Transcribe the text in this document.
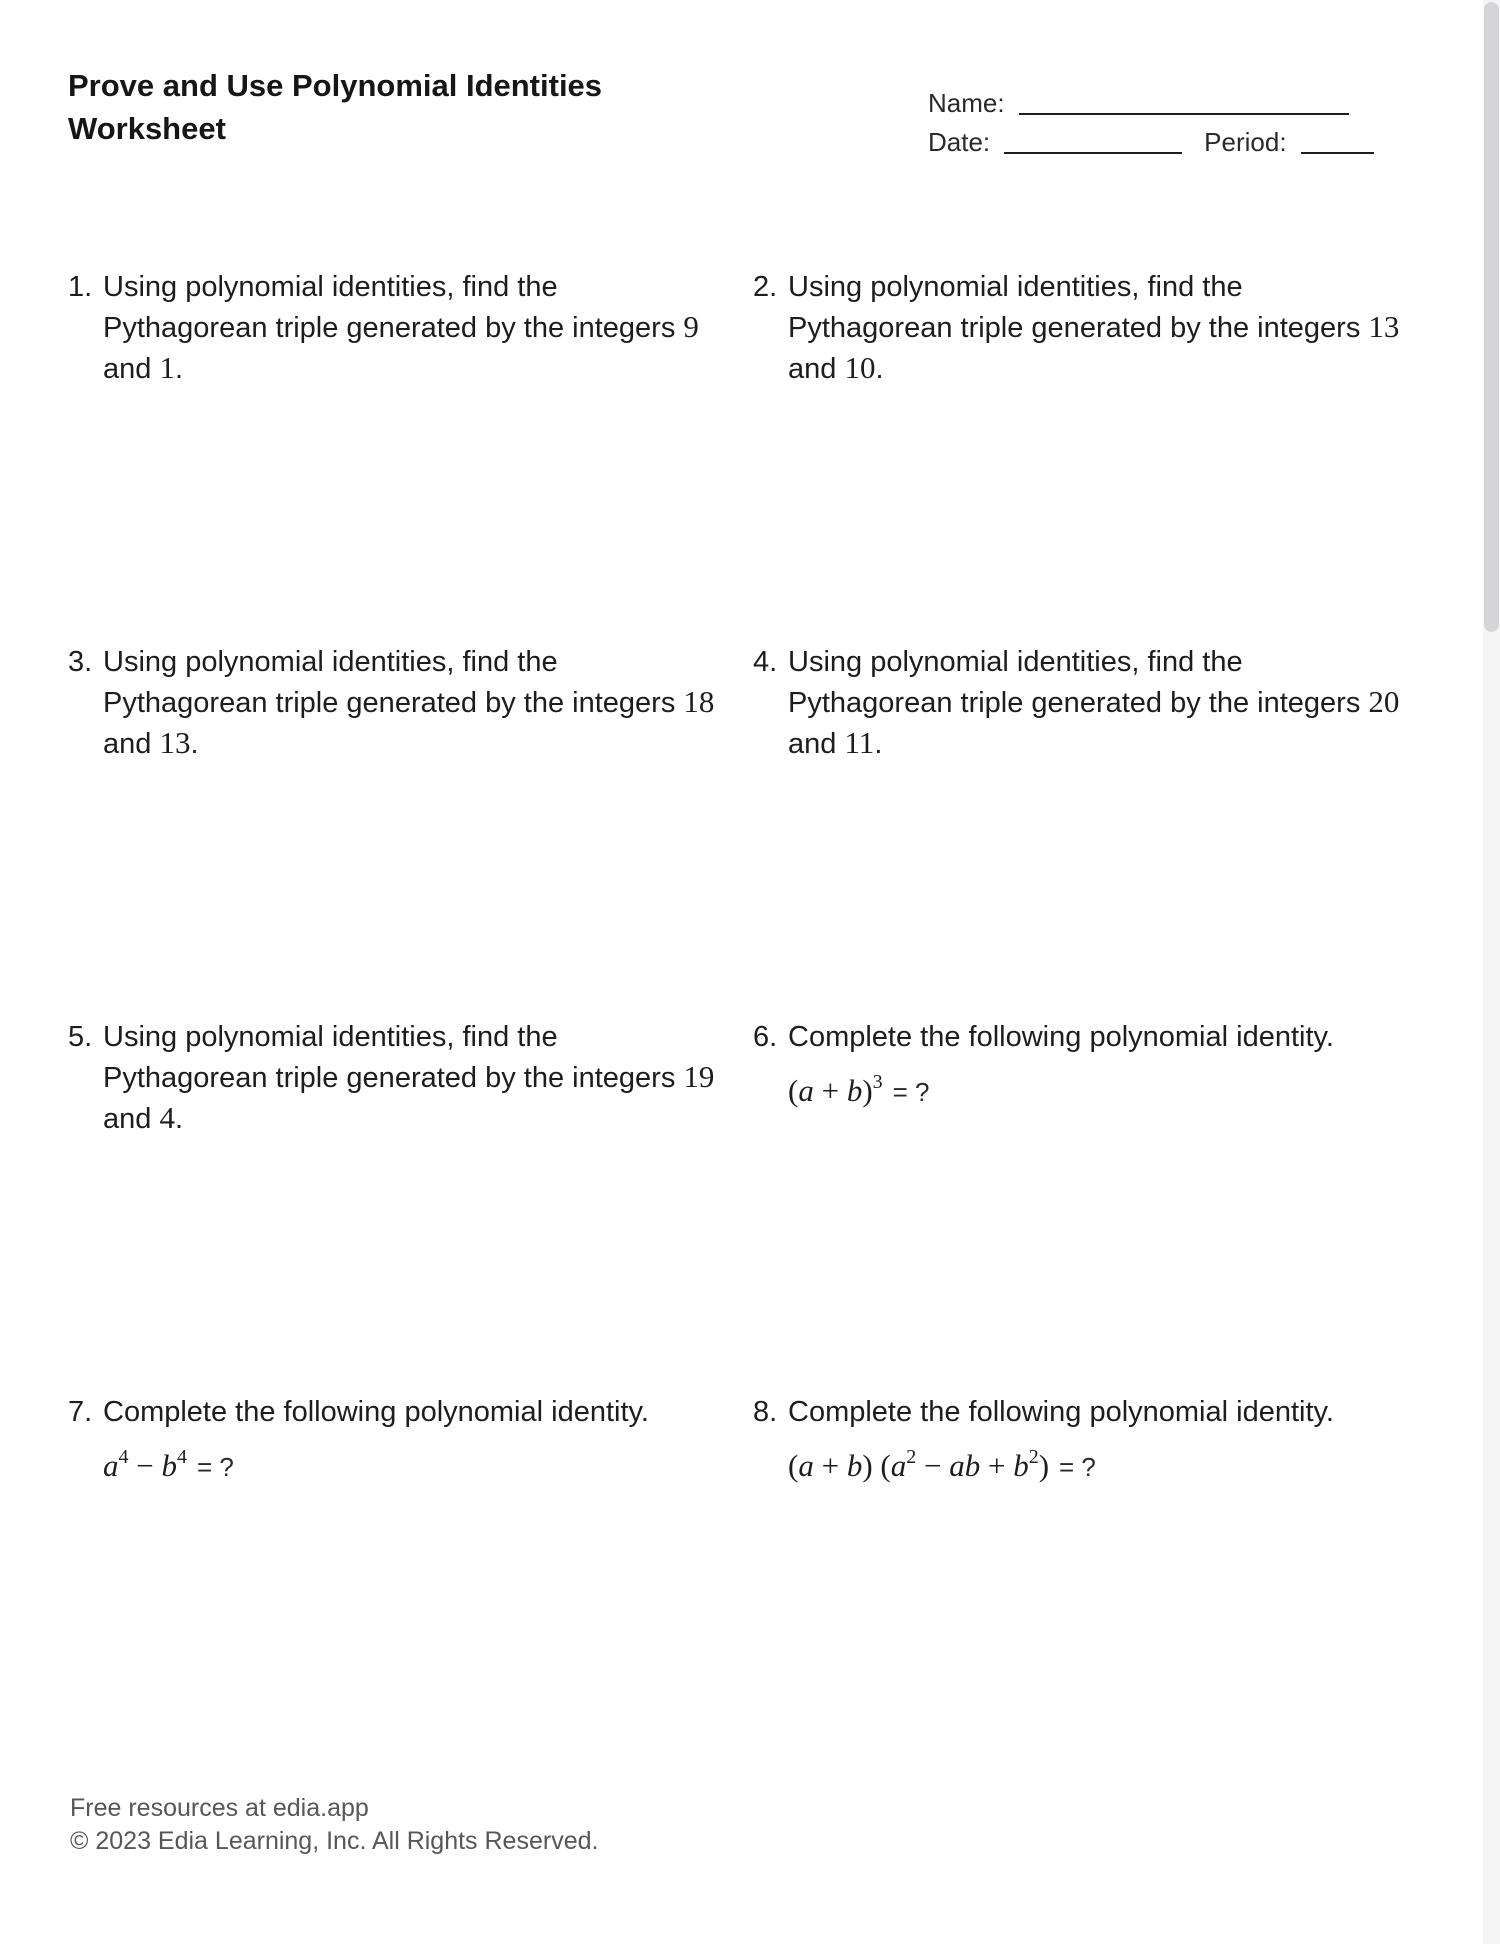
Prove and Use Polynomial Identities
Worksheet
Name:
Date:	Period:
1. Using polynomial identities, find the
Pythagorean triple generated by the integers 9
and 1.
2. Using polynomial identities, find the
Pythagorean triple generated by the integers 13
and 10.
3. Using polynomial identities, find the
Pythagorean triple generated by the integers 18
and 13.
4. Using polynomial identities, find the
Pythagorean triple generated by the integers 20
and 11.
5. Using polynomial identities, find the
Pythagorean triple generated by the integers 19
and 4.
6. Complete the following polynomial identity.
$(a + b)^3$ = ?
7. Complete the following polynomial identity.
$a^4 - b^4$ = ?
8. Complete the following polynomial identity.
(a + b) ($a^2$ − ab + $b^2$) = ?
Free resources at edia.app
© 2023 Edia Learning, Inc. All Rights Reserved.
